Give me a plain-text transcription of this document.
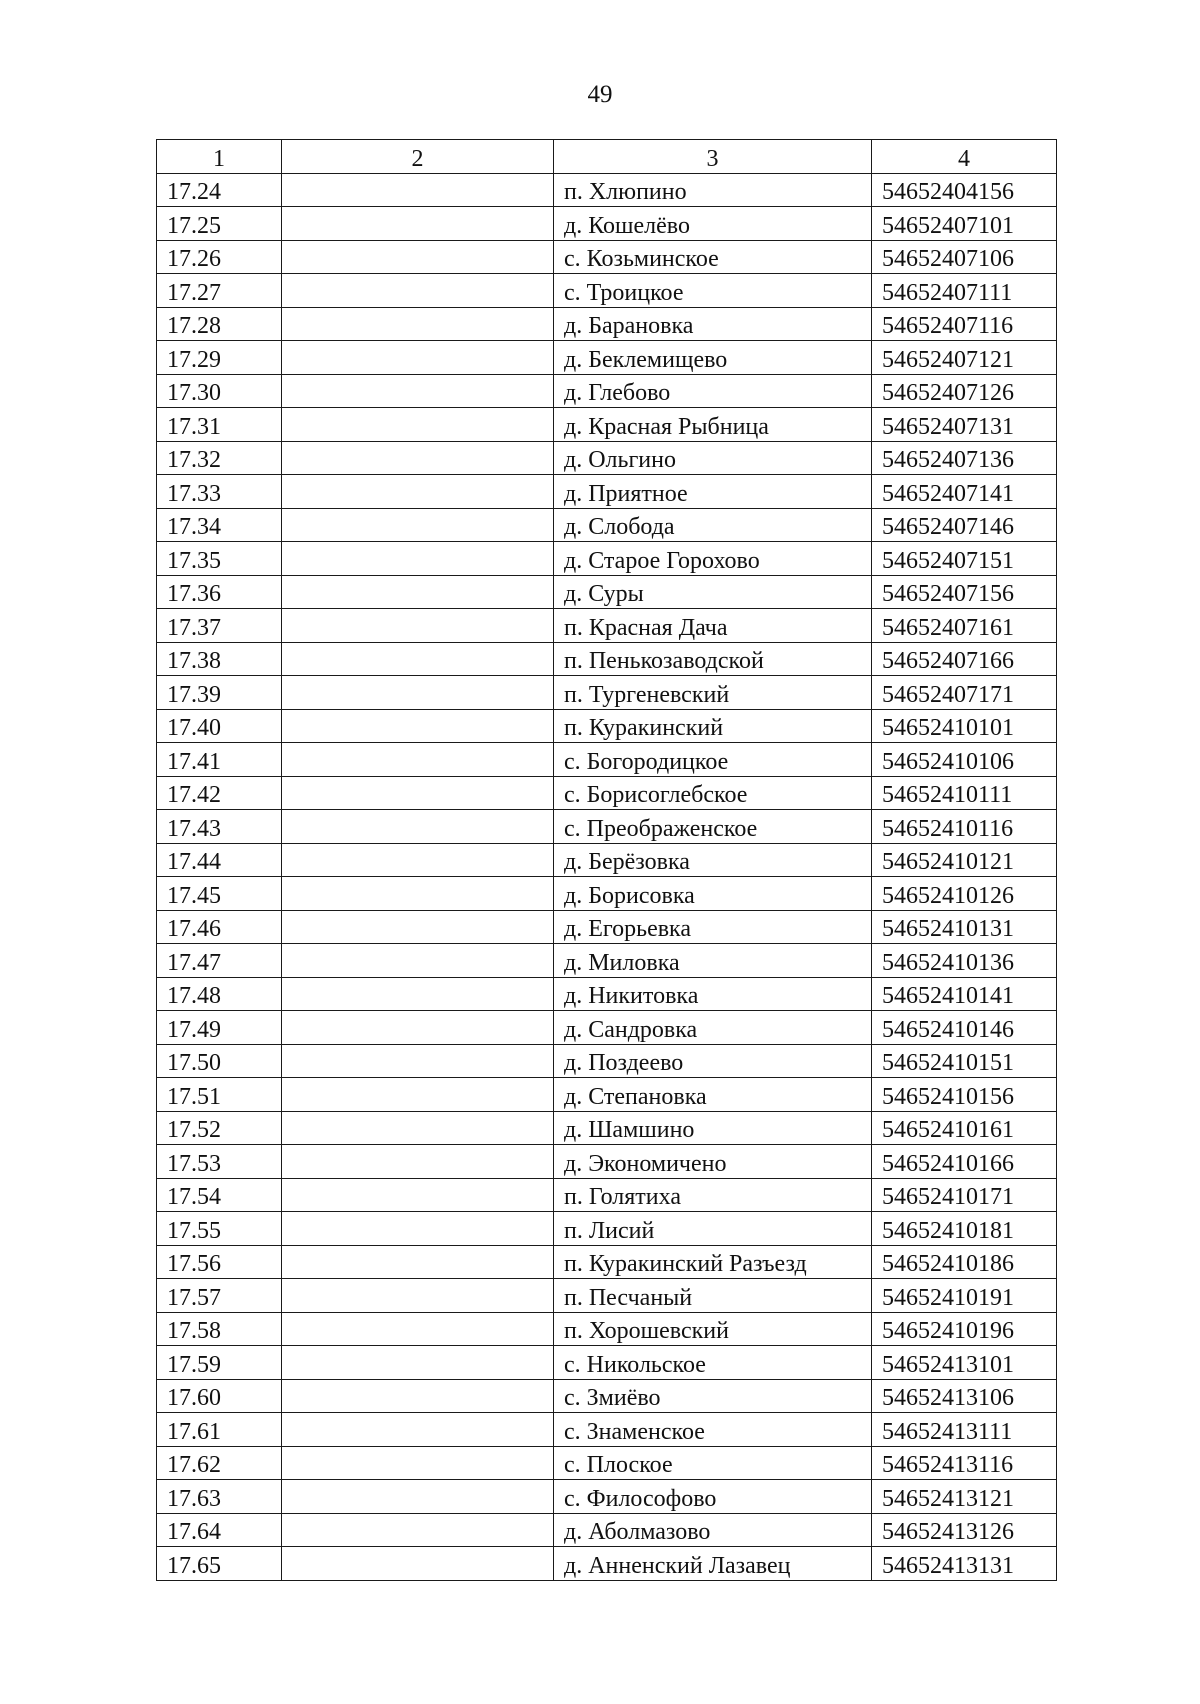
49
1	2	3	4
17.24		п. Хлюпино	54652404156
17.25		д. Кошелёво	54652407101
17.26		с. Козьминское	54652407106
17.27		с. Троицкое	54652407111
17.28		д. Барановка	54652407116
17.29		д. Беклемищево	54652407121
17.30		д. Глебово	54652407126
17.31		д. Красная Рыбница	54652407131
17.32		д. Ольгино	54652407136
17.33		д. Приятное	54652407141
17.34		д. Слобода	54652407146
17.35		д. Старое Горохово	54652407151
17.36		д. Суры	54652407156
17.37		п. Красная Дача	54652407161
17.38		п. Пенькозаводской	54652407166
17.39		п. Тургеневский	54652407171
17.40		п. Куракинский	54652410101
17.41		с. Богородицкое	54652410106
17.42		с. Борисоглебское	54652410111
17.43		с. Преображенское	54652410116
17.44		д. Берёзовка	54652410121
17.45		д. Борисовка	54652410126
17.46		д. Егорьевка	54652410131
17.47		д. Миловка	54652410136
17.48		д. Никитовка	54652410141
17.49		д. Сандровка	54652410146
17.50		д. Поздеево	54652410151
17.51		д. Степановка	54652410156
17.52		д. Шамшино	54652410161
17.53		д. Экономичено	54652410166
17.54		п. Голятиха	54652410171
17.55		п. Лисий	54652410181
17.56		п. Куракинский Разъезд	54652410186
17.57		п. Песчаный	54652410191
17.58		п. Хорошевский	54652410196
17.59		с. Никольское	54652413101
17.60		с. Змиёво	54652413106
17.61		с. Знаменское	54652413111
17.62		с. Плоское	54652413116
17.63		с. Философово	54652413121
17.64		д. Аболмазово	54652413126
17.65		д. Анненский Лазавец	54652413131
